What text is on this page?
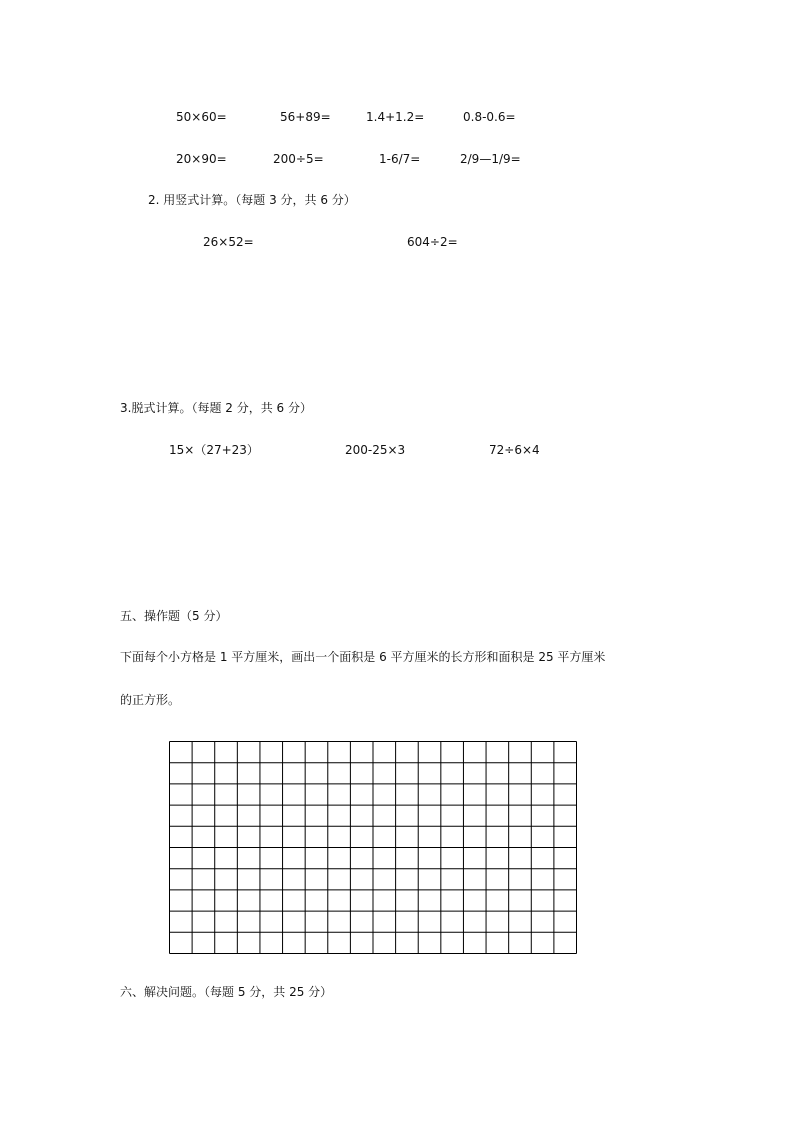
50×60=	56+89=	1.4+1.2=	0.8-0.6=
20×90=	200÷5=	1-6/7=	2/9—1/9=
2. 用竖式计算。（每题 3 分，共 6 分）
26×52=	604÷2=
3.脱式计算。（每题 2 分，共 6 分）
15×（27+23）	200-25×3	72÷6×4
五、操作题（5 分）
下面每个小方格是 1 平方厘米，画出一个面积是 6 平方厘米的长方形和面积是 25 平方厘米
的正方形。
六、解决问题。（每题 5 分，共 25 分）
